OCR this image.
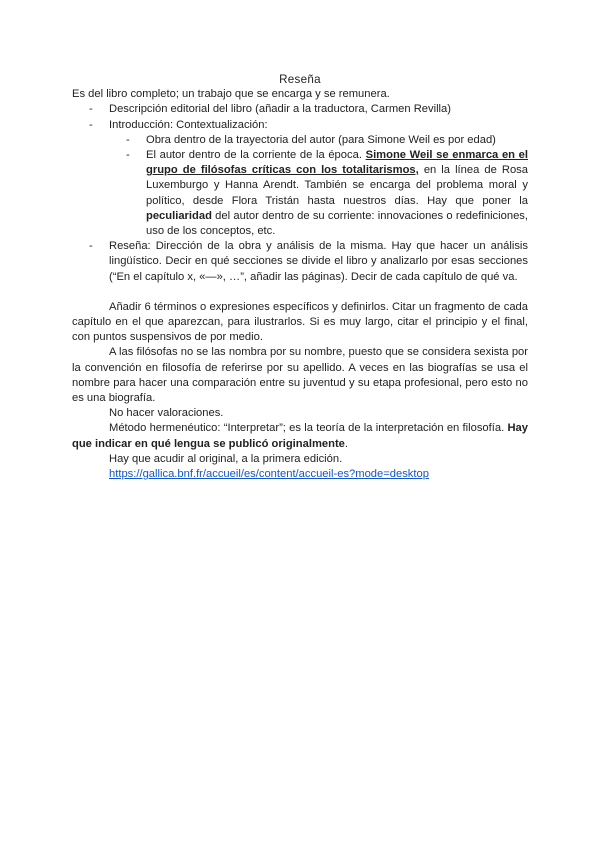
Reseña

Es del libro completo; un trabajo que se encarga y se remunera.

- Descripción editorial del libro (añadir a la traductora, Carmen Revilla)
- Introducción: Contextualización:
- Obra dentro de la trayectoria del autor (para Simone Weil es por edad)
- El autor dentro de la corriente de la época. Simone Weil se enmarca en el grupo de filósofas críticas con los totalitarismos, en la línea de Rosa Luxemburgo y Hanna Arendt. También se encarga del problema moral y político, desde Flora Tristán hasta nuestros días. Hay que poner la peculiaridad del autor dentro de su corriente: innovaciones o redefiniciones, uso de los conceptos, etc.
- Reseña: Dirección de la obra y análisis de la misma. Hay que hacer un análisis lingüístico. Decir en qué secciones se divide el libro y analizarlo por esas secciones (“En el capítulo x, «—», …”, añadir las páginas). Decir de cada capítulo de qué va.

Añadir 6 términos o expresiones específicos y definirlos. Citar un fragmento de cada capítulo en el que aparezcan, para ilustrarlos. Si es muy largo, citar el principio y el final, con puntos suspensivos de por medio.

A las filósofas no se las nombra por su nombre, puesto que se considera sexista por la convención en filosofía de referirse por su apellido. A veces en las biografías se usa el nombre para hacer una comparación entre su juventud y su etapa profesional, pero esto no es una biografía.

No hacer valoraciones.

Método hermenéutico: “Interpretar”; es la teoría de la interpretación en filosofía. Hay que indicar en qué lengua se publicó originalmente.

Hay que acudir al original, a la primera edición.

https://gallica.bnf.fr/accueil/es/content/accueil-es?mode=desktop
